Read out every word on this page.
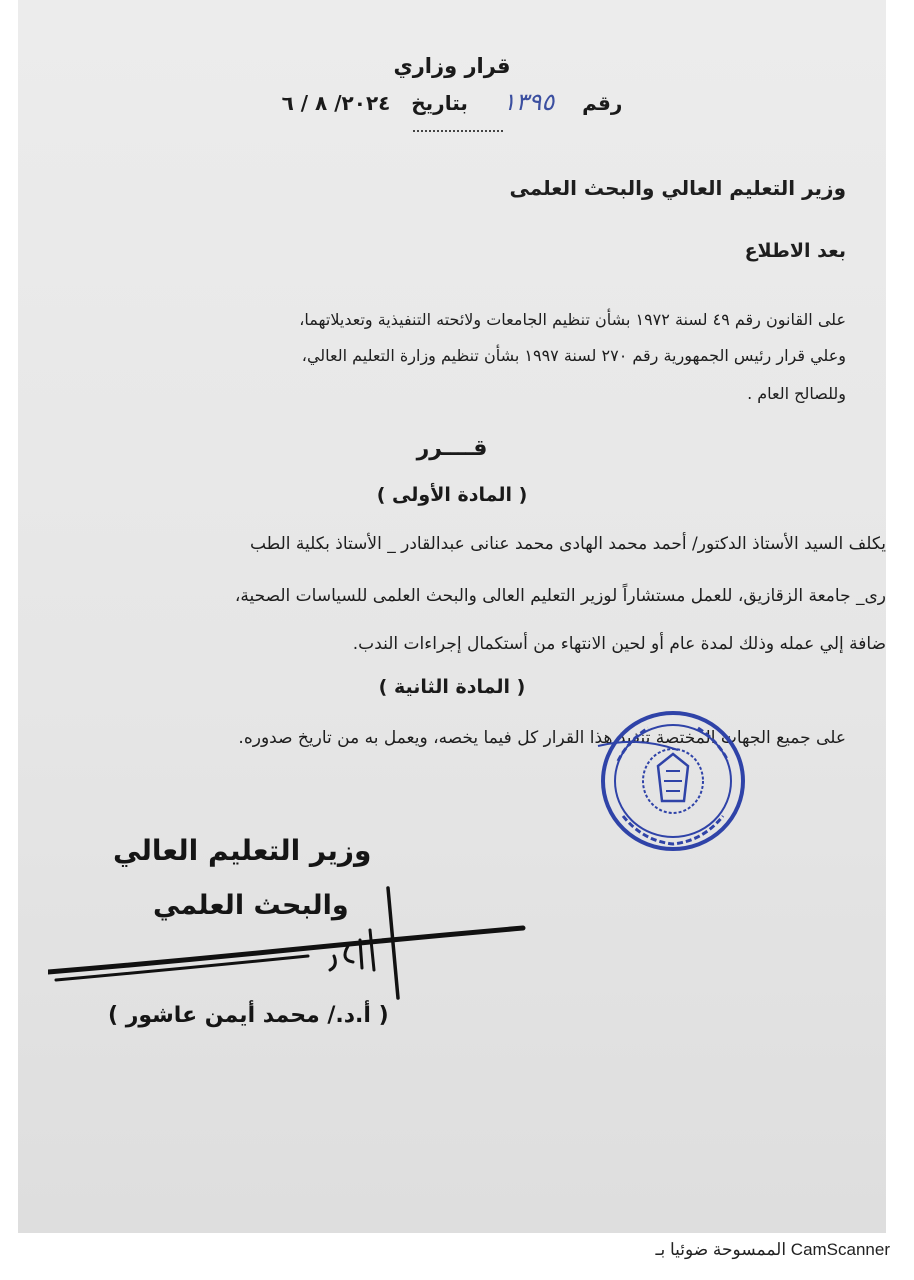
قرار وزاري
رقم    ١٣٩٥     بتاريخ   ٢٠٢٤/ ٨ / ٦
وزير التعليم العالي والبحث العلمى
بعد الاطلاع
على القانون رقم ٤٩ لسنة ١٩٧٢ بشأن تنظيم الجامعات ولائحته التنفيذية وتعديلاتهما،
وعلي قرار رئيس الجمهورية رقم ٢٧٠ لسنة ١٩٩٧ بشأن تنظيم وزارة التعليم العالي،
وللصالح العام .
قــــرر
( المادة الأولى )
يكلف السيد الأستاذ الدكتور/ أحمد محمد الهادى محمد عنانى عبدالقادر _ الأستاذ بكلية الطب
رى_ جامعة الزقازيق، للعمل مستشاراً لوزير التعليم العالى والبحث العلمى للسياسات الصحية،
ضافة إلي عمله وذلك لمدة عام أو لحين الانتهاء من أستكمال إجراءات الندب.
( المادة الثانية )
على جميع الجهات المختصة تنفيذ هذا القرار كل فيما يخصه، ويعمل به من تاريخ صدوره.
وزير التعليم العالي
والبحث العلمي
( أ.د./ محمد أيمن عاشور )
الممسوحة ضوئيا بـ CamScanner
